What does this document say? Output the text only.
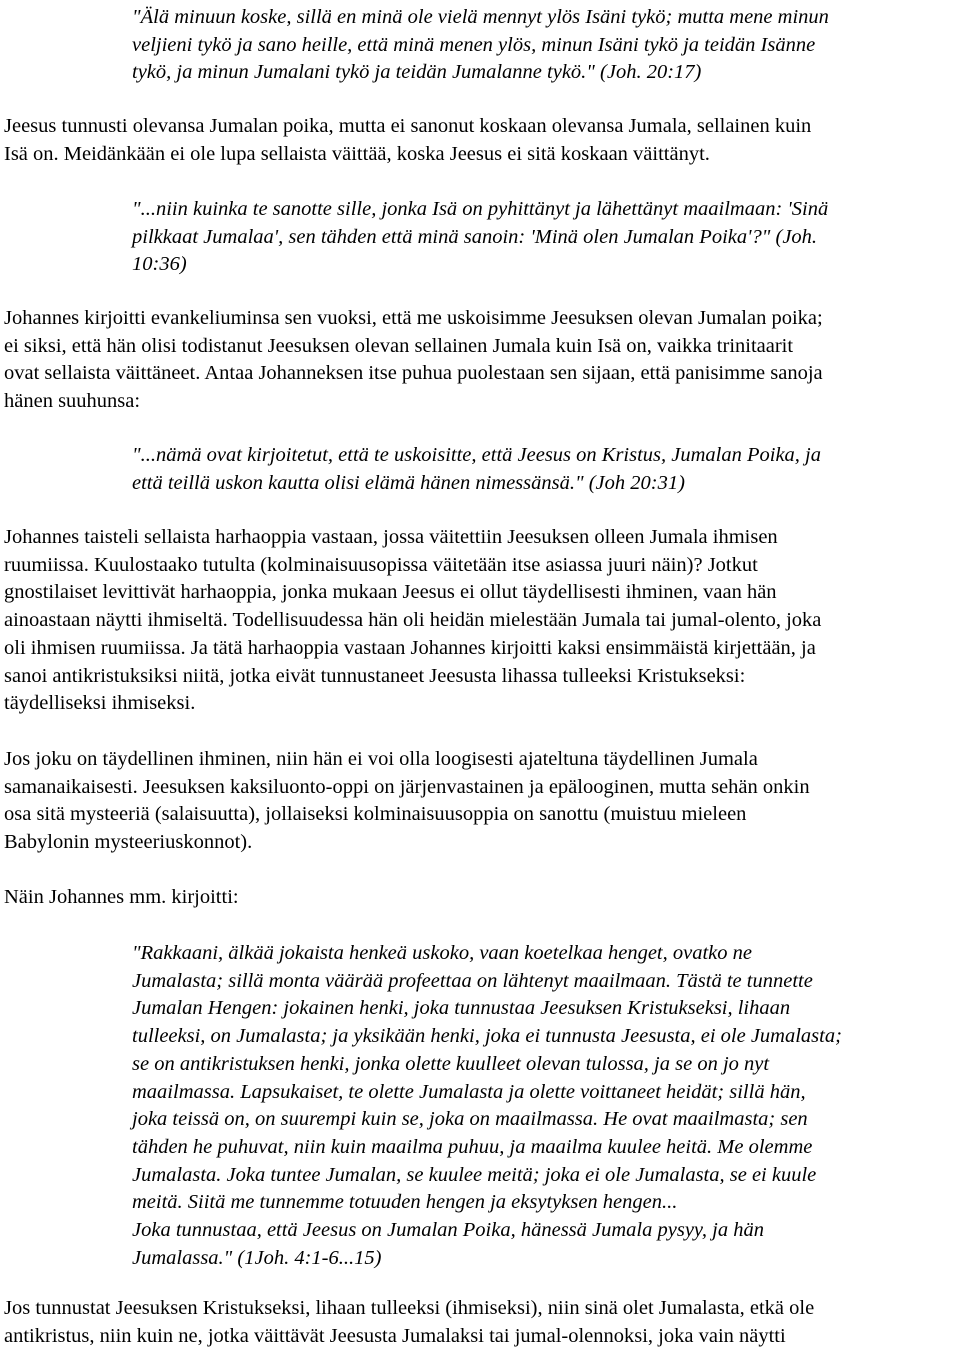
"Älä minuun koske, sillä en minä ole vielä mennyt ylös Isäni tykö; mutta mene minun
veljieni tykö ja sano heille, että minä menen ylös, minun Isäni tykö ja teidän Isänne
tykö, ja minun Jumalani tykö ja teidän Jumalanne tykö." (Joh. 20:17)
Jeesus tunnusti olevansa Jumalan poika, mutta ei sanonut koskaan olevansa Jumala, sellainen kuin
Isä on. Meidänkään ei ole lupa sellaista väittää, koska Jeesus ei sitä koskaan väittänyt.
"...niin kuinka te sanotte sille, jonka Isä on pyhittänyt ja lähettänyt maailmaan: 'Sinä
pilkkaat Jumalaa', sen tähden että minä sanoin: 'Minä olen Jumalan Poika'?" (Joh.
10:36)
Johannes kirjoitti evankeliuminsa sen vuoksi, että me uskoisimme Jeesuksen olevan Jumalan poika;
ei siksi, että hän olisi todistanut Jeesuksen olevan sellainen Jumala kuin Isä on, vaikka trinitaarit
ovat sellaista väittäneet. Antaa Johanneksen itse puhua puolestaan sen sijaan, että panisimme sanoja
hänen suuhunsa:
"...nämä ovat kirjoitetut, että te uskoisitte, että Jeesus on Kristus, Jumalan Poika, ja
että teillä uskon kautta olisi elämä hänen nimessänsä." (Joh 20:31)
Johannes taisteli sellaista harhaoppia vastaan, jossa väitettiin Jeesuksen olleen Jumala ihmisen
ruumiissa. Kuulostaako tutulta (kolminaisuusopissa väitetään itse asiassa juuri näin)? Jotkut
gnostilaiset levittivät harhaoppia, jonka mukaan Jeesus ei ollut täydellisesti ihminen, vaan hän
ainoastaan näytti ihmiseltä. Todellisuudessa hän oli heidän mielestään Jumala tai jumal-olento, joka
oli ihmisen ruumiissa. Ja tätä harhaoppia vastaan Johannes kirjoitti kaksi ensimmäistä kirjettään, ja
sanoi antikristuksiksi niitä, jotka eivät tunnustaneet Jeesusta lihassa tulleeksi Kristukseksi:
täydelliseksi ihmiseksi.
Jos joku on täydellinen ihminen, niin hän ei voi olla loogisesti ajateltuna täydellinen Jumala
samanaikaisesti. Jeesuksen kaksiluonto-oppi on järjenvastainen ja epälooginen, mutta sehän onkin
osa sitä mysteeriä (salaisuutta), jollaiseksi kolminaisuusoppia on sanottu (muistuu mieleen
Babylonin mysteeriuskonnot).
Näin Johannes mm. kirjoitti:
"Rakkaani, älkää jokaista henkeä uskoko, vaan koetelkaa henget, ovatko ne
Jumalasta; sillä monta väärää profeettaa on lähtenyt maailmaan. Tästä te tunnette
Jumalan Hengen: jokainen henki, joka tunnustaa Jeesuksen Kristukseksi, lihaan
tulleeksi, on Jumalasta; ja yksikään henki, joka ei tunnusta Jeesusta, ei ole Jumalasta;
se on antikristuksen henki, jonka olette kuulleet olevan tulossa, ja se on jo nyt
maailmassa. Lapsukaiset, te olette Jumalasta ja olette voittaneet heidät; sillä hän,
joka teissä on, on suurempi kuin se, joka on maailmassa. He ovat maailmasta; sen
tähden he puhuvat, niin kuin maailma puhuu, ja maailma kuulee heitä. Me olemme
Jumalasta. Joka tuntee Jumalan, se kuulee meitä; joka ei ole Jumalasta, se ei kuule
meitä. Siitä me tunnemme totuuden hengen ja eksytyksen hengen...
Joka tunnustaa, että Jeesus on Jumalan Poika, hänessä Jumala pysyy, ja hän
Jumalassa." (1Joh. 4:1-6...15)
Jos tunnustat Jeesuksen Kristukseksi, lihaan tulleeksi (ihmiseksi), niin sinä olet Jumalasta, etkä ole
antikristus, niin kuin ne, jotka väittävät Jeesusta Jumalaksi tai jumal-olennoksi, joka vain näytti
